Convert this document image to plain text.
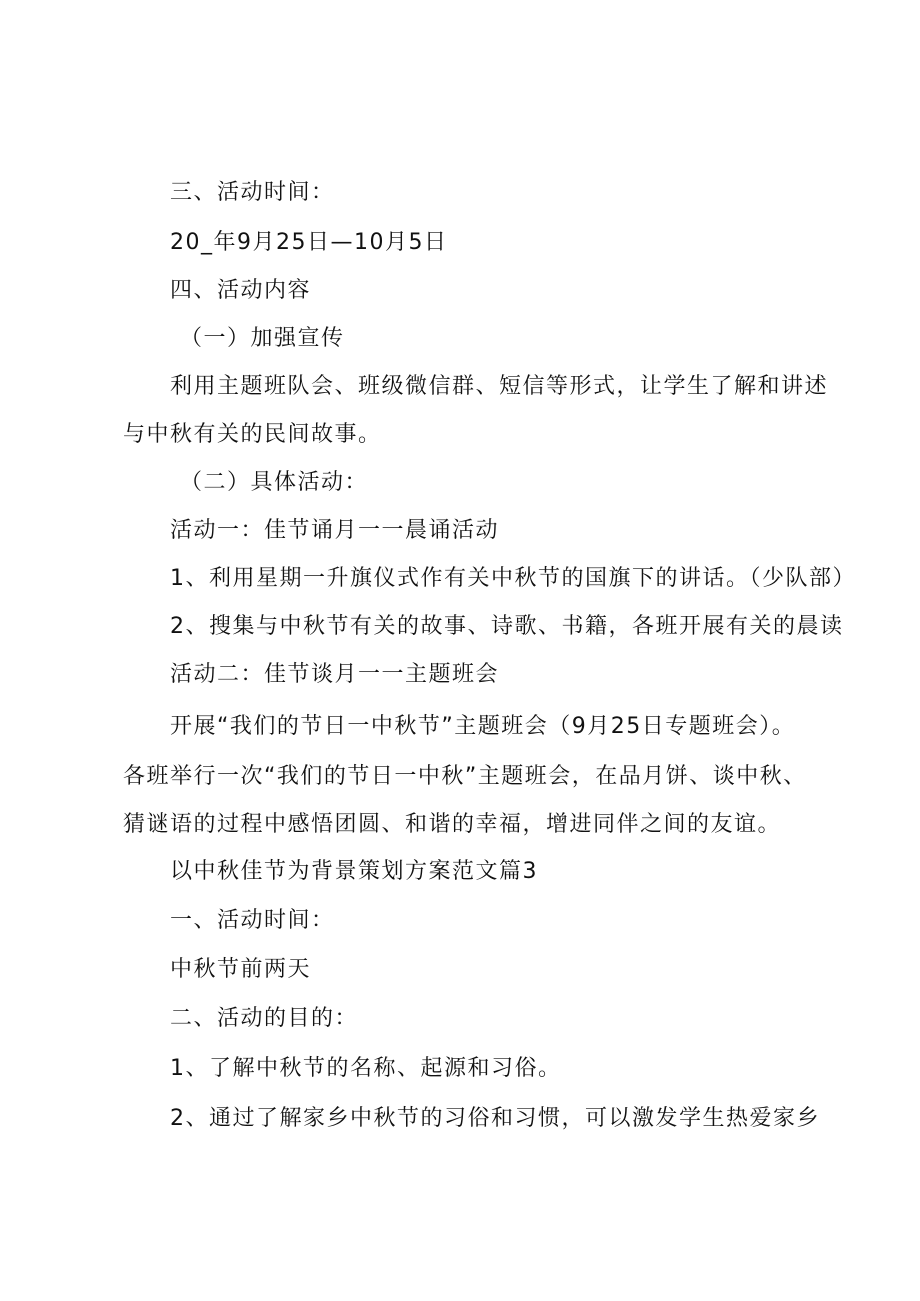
三、活动时间：

20_年9月25日—10月5日

四、活动内容

（一）加强宣传

利用主题班队会、班级微信群、短信等形式，让学生了解和讲述

与中秋有关的民间故事。

（二）具体活动：

活动一：佳节诵月一一晨诵活动

1、利用星期一升旗仪式作有关中秋节的国旗下的讲话。（少队部）

2、搜集与中秋节有关的故事、诗歌、书籍，各班开展有关的晨读

活动二：佳节谈月一一主题班会

开展“我们的节日一中秋节”主题班会（9月25日专题班会）。

各班举行一次“我们的节日一中秋”主题班会，在品月饼、谈中秋、

猜谜语的过程中感悟团圆、和谐的幸福，增进同伴之间的友谊。

以中秋佳节为背景策划方案范文篇3

一、活动时间：

中秋节前两天

二、活动的目的：

1、了解中秋节的名称、起源和习俗。

2、通过了解家乡中秋节的习俗和习惯，可以激发学生热爱家乡
